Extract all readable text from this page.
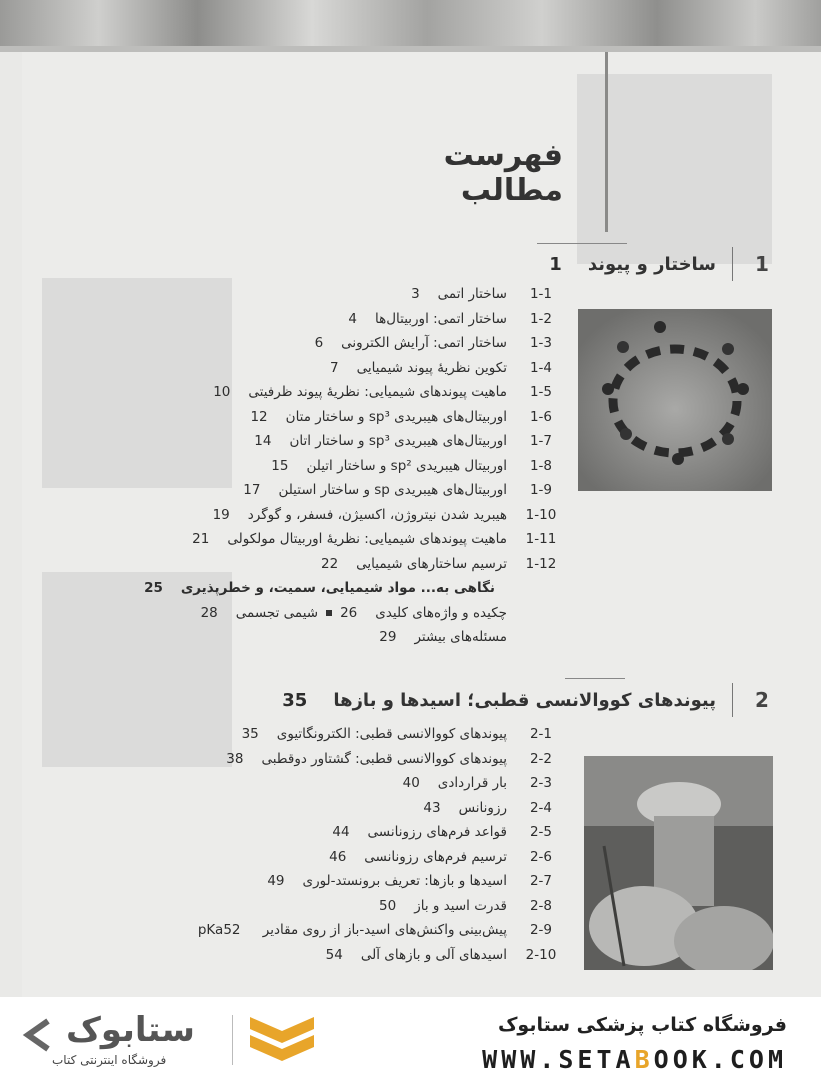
فهرست مطالب
1
ساختار و پیوند
1
1-1ساختار اتمی3
1-2ساختار اتمی: اوربیتال‌ها4
1-3ساختار اتمی: آرایش الکترونی6
1-4تکوین نظریهٔ پیوند شیمیایی7
1-5ماهیت پیوندهای شیمیایی: نظریهٔ پیوند ظرفیتی10
1-6اوربیتال‌های هیبریدی sp³ و ساختار متان12
1-7اوربیتال‌های هیبریدی sp³ و ساختار اتان14
1-8اوربیتال هیبریدی sp² و ساختار اتیلن15
1-9اوربیتال‌های هیبریدی sp و ساختار استیلن17
1-10هیبرید شدن نیتروژن، اکسیژن، فسفر، و گوگرد19
1-11ماهیت پیوندهای شیمیایی: نظریهٔ اوربیتال مولکولی21
1-12ترسیم ساختارهای شیمیایی22
نگاهی به... مواد شیمیایی، سمیت، و خطرپذیری25
چکیده و واژه‌های کلیدی26شیمی تجسمی28
مسئله‌های بیشتر29
2
پیوندهای کووالانسی قطبی؛ اسیدها و بازها
35
2-1پیوندهای کووالانسی قطبی: الکترونگاتیوی35
2-2پیوندهای کووالانسی قطبی: گشتاور دوقطبی38
2-3بار قراردادی40
2-4رزونانس43
2-5قواعد فرم‌های رزونانسی44
2-6ترسیم فرم‌های رزونانسی46
2-7اسیدها و بازها: تعریف برونستد-لوری49
2-8قدرت اسید و باز50
2-9پیش‌بینی واکنش‌های اسید-باز از روی مقادیر pKa52
2-10اسیدهای آلی و بازهای آلی54
ستابوک
فروشگاه اینترنتی کتاب
فروشگاه کتاب پزشکی ستابوک
WWW.SETABOOK.COM
